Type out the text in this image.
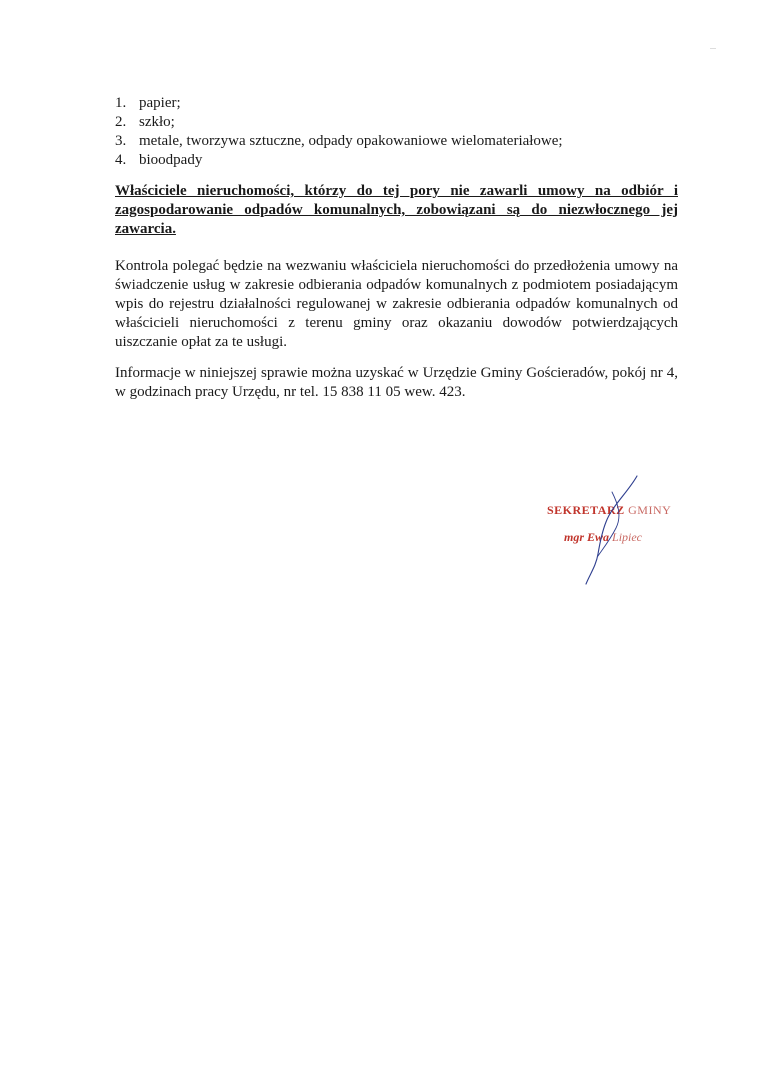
1. papier;
2. szkło;
3. metale, tworzywa sztuczne, odpady opakowaniowe wielomateriałowe;
4. bioodpady

Właściciele nieruchomości, którzy do tej pory nie zawarli umowy na odbiór i zagospodarowanie odpadów komunalnych, zobowiązani są do niezwłocznego jej zawarcia.

Kontrola polegać będzie na wezwaniu właściciela nieruchomości do przedłożenia umowy na świadczenie usług w zakresie odbierania odpadów komunalnych z podmiotem posiadającym wpis do rejestru działalności regulowanej w zakresie odbierania odpadów komunalnych od właścicieli nieruchomości z terenu gminy oraz okazaniu dowodów potwierdzających uiszczanie opłat za te usługi.

Informacje w niniejszej sprawie można uzyskać w Urzędzie Gminy Gościeradów, pokój nr 4, w godzinach pracy Urzędu, nr tel. 15 838 11 05 wew. 423.

SEKRETARZ GMINY
mgr Ewa Lipiec
